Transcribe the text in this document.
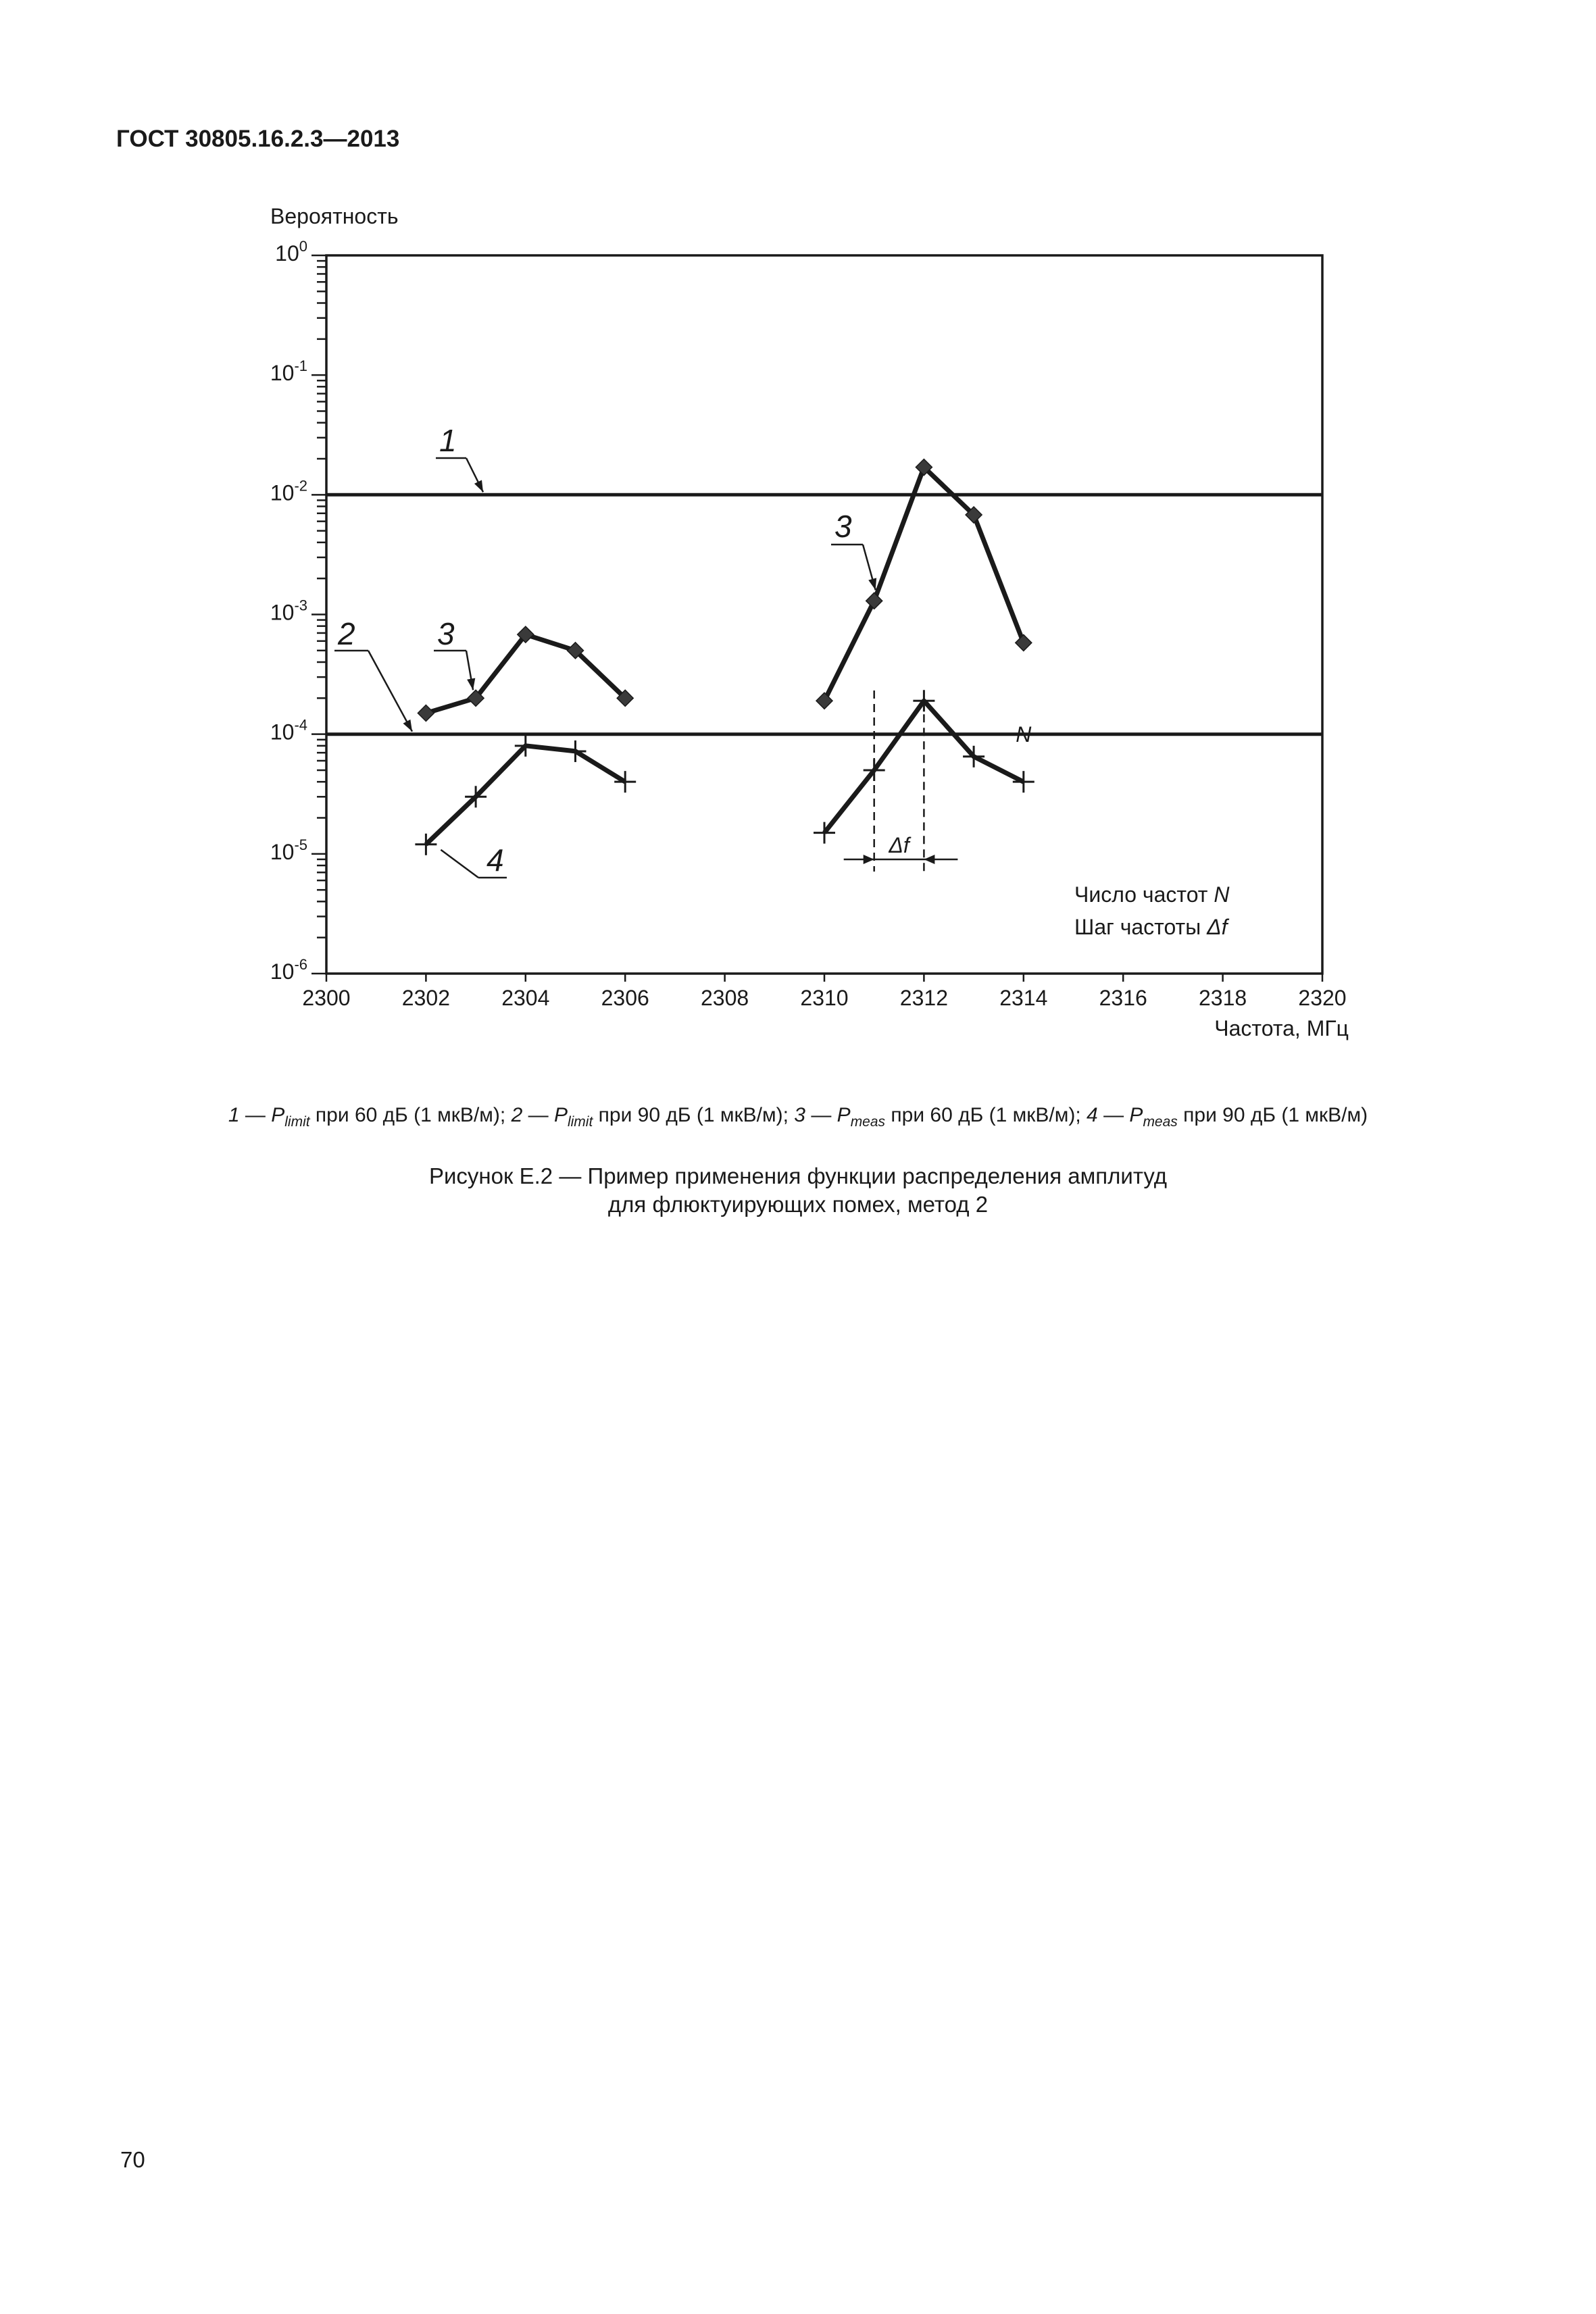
ГОСТ 30805.16.2.3—2013
Вероятность
Частота, МГц
$10^0$
$10^{-1}$
$10^{-2}$
$10^{-3}$
$10^{-4}$
$10^{-5}$
$10^{-6}$
2300 2302 2304 2306 2308 2310 2312 2314 2316 2318 2320
1
2	3
3
4
N
Δf
Число частот N
Шаг частоты Δf
1 — $P_{limit}$ при 60 дБ (1 мкВ/м); 2 — $P_{limit}$ при 90 дБ (1 мкВ/м); 3 — $P_{meas}$ при 60 дБ (1 мкВ/м); 4 — $P_{meas}$ при 90 дБ (1 мкВ/м)
Рисунок Е.2 — Пример применения функции распределения амплитуд
для флюктуирующих помех, метод 2
70
